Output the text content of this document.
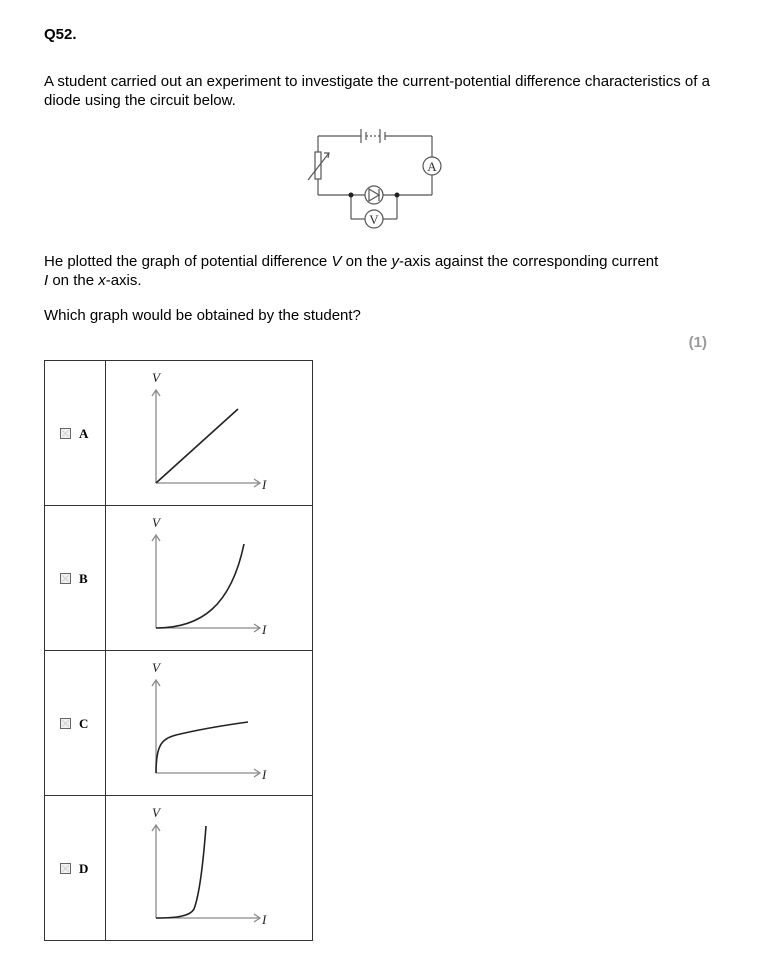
Q52.
A student carried out an experiment to investigate the current-potential difference characteristics of a diode using the circuit below.
A
V
He plotted the graph of potential difference V on the y-axis against the corresponding current
I on the x-axis.
Which graph would be obtained by the student?
(1)
A	V
I

B	V
I

C	V
I

D	V
I
